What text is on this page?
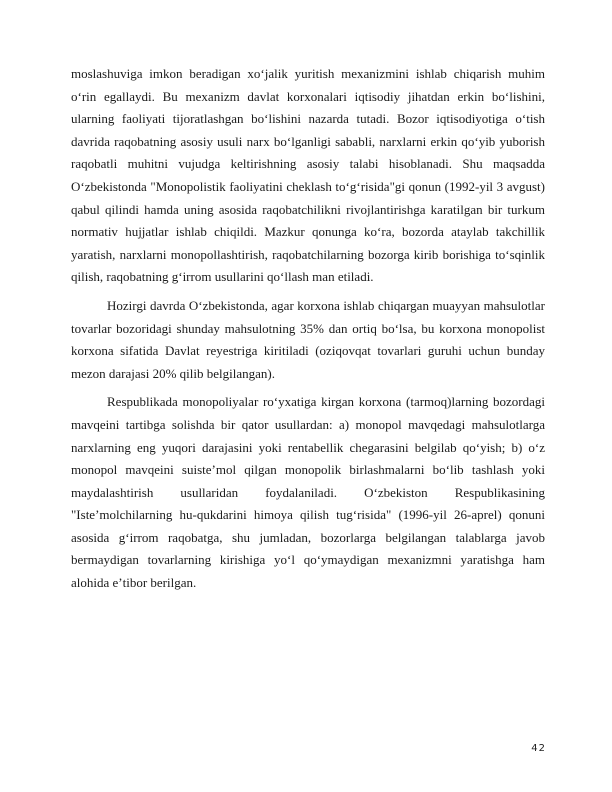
moslashuviga imkon beradigan xoʻjalik yuritish mexanizmini ishlab chiqarish muhim oʻrin egallaydi. Bu mexanizm davlat korxonalari iqtisodiy jihatdan erkin boʻlishini, ularning faoliyati tijoratlashgan boʻlishini nazarda tutadi. Bozor iqtisodiyotiga oʻtish davrida raqobatning asosiy usuli narx boʻlganligi sababli, narxlarni erkin qoʻyib yuborish raqobatli muhitni vujudga keltirishning asosiy talabi hisoblanadi. Shu maqsadda Oʻzbekistonda "Monopolistik faoliyatini cheklash toʻgʻrisida"gi qonun (1992-yil 3 avgust) qabul qilindi hamda uning asosida raqobatchilikni rivojlantirishga karatilgan bir turkum normativ hujjatlar ishlab chiqildi. Mazkur qonunga koʻra, bozorda ataylab takchillik yaratish, narxlarni monopollashtirish, raqobatchilarning bozorga kirib borishiga toʻsqinlik qilish, raqobatning gʻirrom usullarini qoʻllash man etiladi.

Hozirgi davrda Oʻzbekistonda, agar korxona ishlab chiqargan muayyan mahsulotlar tovarlar bozoridagi shunday mahsulotning 35% dan ortiq boʻlsa, bu korxona monopolist korxona sifatida Davlat reyestriga kiritiladi (oziqovqat tovarlari guruhi uchun bunday mezon darajasi 20% qilib belgilangan).

Respublikada monopoliyalar roʻyxatiga kirgan korxona (tarmoq)larning bozordagi mavqeini tartibga solishda bir qator usullardan: a) monopol mavqedagi mahsulotlarga narxlarning eng yuqori darajasini yoki rentabellik chegarasini belgilab qoʻyish; b) oʻz monopol mavqeini suisteʼmol qilgan monopolik birlashmalarni boʻlib tashlash yoki maydalashtirish usullaridan foydalaniladi. Oʻzbekiston Respublikasining "Isteʼmolchilarning hu-qukdarini himoya qilish tugʻrisida" (1996-yil 26-aprel) qonuni asosida gʻirrom raqobatga, shu jumladan, bozorlarga belgilangan talablarga javob bermaydigan tovarlarning kirishiga yoʻl qoʻymaydigan mexanizmni yaratishga ham alohida eʼtibor berilgan.

42
